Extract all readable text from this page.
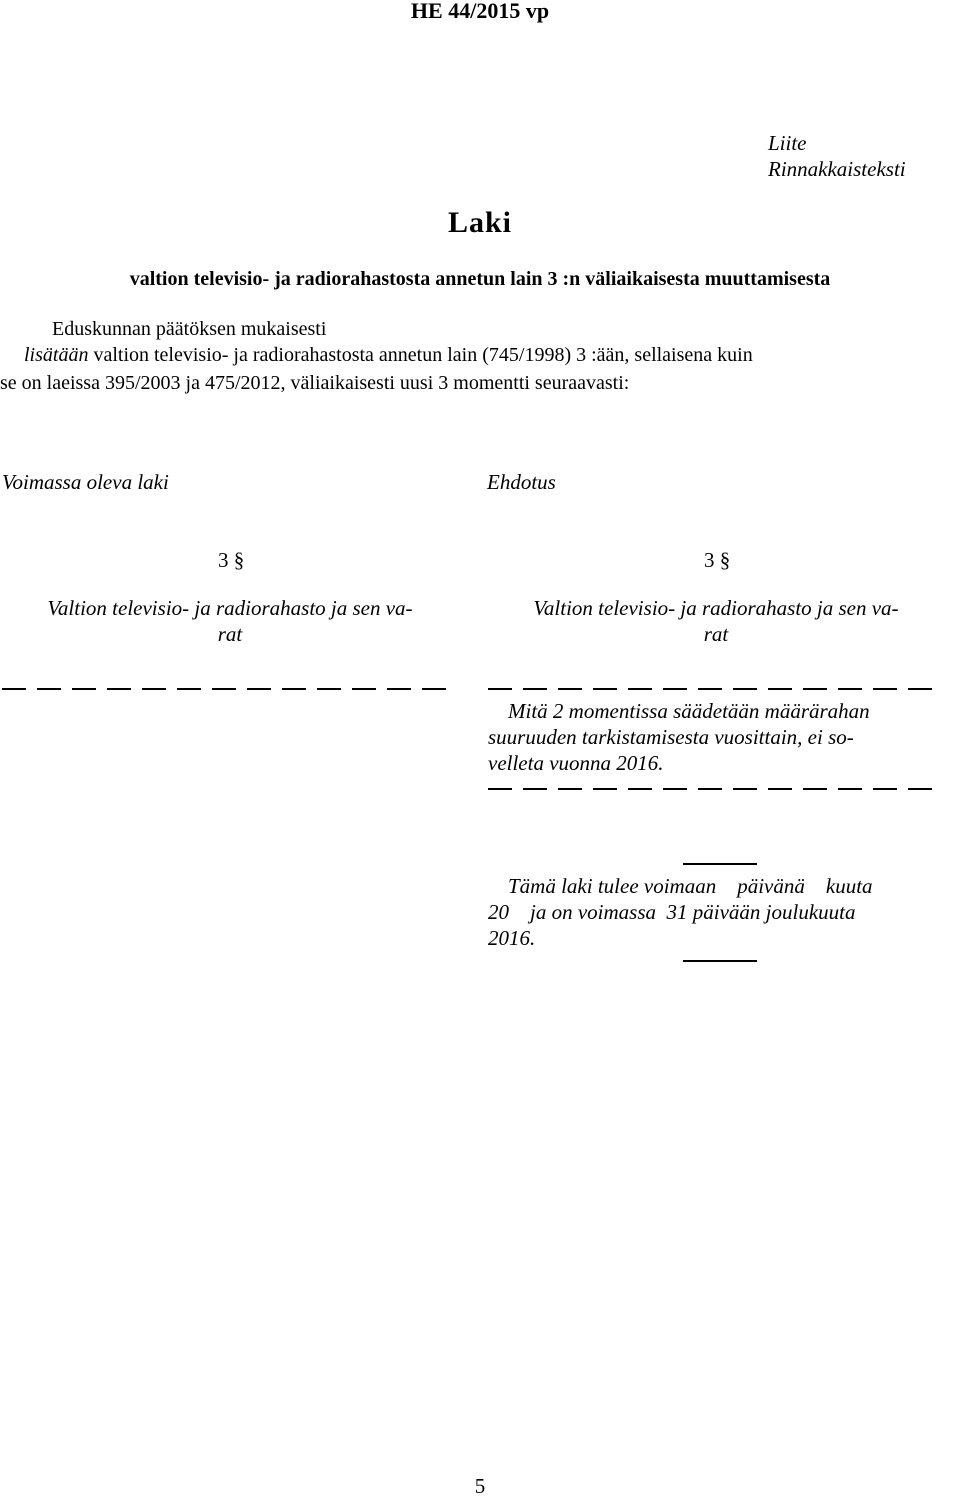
HE 44/2015 vp
Liite
Rinnakkaisteksti
Laki
valtion televisio- ja radiorahastosta annetun lain 3 :n väliaikaisesta muuttamisesta
Eduskunnan päätöksen mukaisesti
lisätään valtion televisio- ja radiorahastosta annetun lain (745/1998) 3 :ään, sellaisena kuin
se on laeissa 395/2003 ja 475/2012, väliaikaisesti uusi 3 momentti seuraavasti:
Voimassa oleva laki	Ehdotus
3 §
Valtion televisio- ja radiorahasto ja sen va-
rat
3 §
Valtion televisio- ja radiorahasto ja sen va-
rat
Mitä 2 momentissa säädetään määrärahan
suuruuden tarkistamisesta vuosittain, ei so-
velleta vuonna 2016.
Tämä laki tulee voimaan    päivänä    kuuta
20    ja on voimassa  31 päivään joulukuuta
2016.
5
